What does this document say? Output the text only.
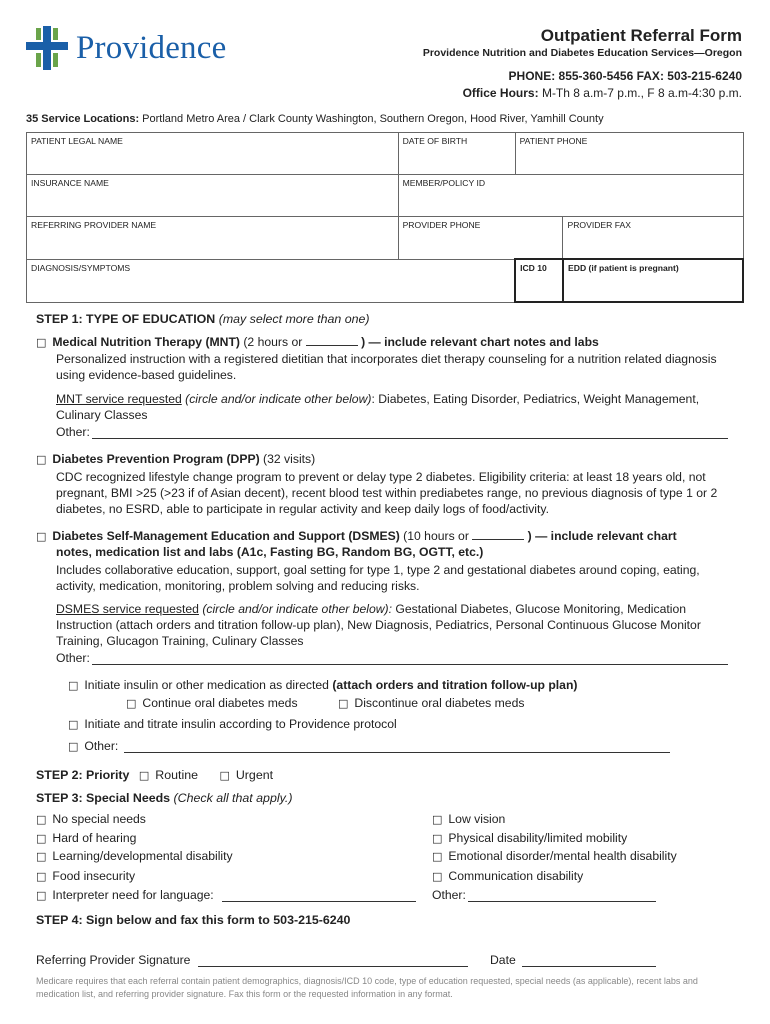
Providence	Outpatient Referral Form
Providence Nutrition and Diabetes Education Services—Oregon
PHONE: 855-360-5456 FAX: 503-215-6240
Office Hours: M-Th 8 a.m-7 p.m., F 8 a.m-4:30 p.m.
35 Service Locations: Portland Metro Area / Clark County Washington, Southern Oregon, Hood River, Yamhill County
PATIENT LEGAL NAME	DATE OF BIRTH	PATIENT PHONE	
INSURANCE NAME	MEMBER/POLICY ID		
REFERRING PROVIDER NAME	PROVIDER PHONE		PROVIDER FAX
DIAGNOSIS/SYMPTOMS		ICD 10	EDD (if patient is pregnant)
STEP 1: TYPE OF EDUCATION (may select more than one)
□ Medical Nutrition Therapy (MNT) (2 hours or	) — include relevant chart notes and labs
Personalized instruction with a registered dietitian that incorporates diet therapy counseling for a nutrition related diagnosis using evidence-based guidelines.
MNT service requested (circle and/or indicate other below): Diabetes, Eating Disorder, Pediatrics, Weight Management, Culinary Classes
Other:
□ Diabetes Prevention Program (DPP) (32 visits)
CDC recognized lifestyle change program to prevent or delay type 2 diabetes. Eligibility criteria: at least 18 years old, not pregnant, BMI >25 (>23 if of Asian decent), recent blood test within prediabetes range, no previous diagnosis of type 1 or 2 diabetes, no ESRD, able to participate in regular activity and keep daily logs of food/activity.
□ Diabetes Self-Management Education and Support (DSMES) (10 hours or	) — include relevant chart
notes, medication list and labs (A1c, Fasting BG, Random BG, OGTT, etc.)
Includes collaborative education, support, goal setting for type 1, type 2 and gestational diabetes around coping, eating, activity, medication, monitoring, problem solving and reducing risks.
DSMES service requested (circle and/or indicate other below): Gestational Diabetes, Glucose Monitoring, Medication Instruction (attach orders and titration follow-up plan), New Diagnosis, Pediatrics, Personal Continuous Glucose Monitor Training, Glucagon Training, Culinary Classes
Other:
□ Initiate insulin or other medication as directed (attach orders and titration follow-up plan)
□ Continue oral diabetes meds	□ Discontinue oral diabetes meds
□ Initiate and titrate insulin according to Providence protocol
□ Other:
STEP 2: Priority □ Routine □ Urgent
STEP 3: Special Needs (Check all that apply.)
□ No special needs
□ Hard of hearing
□ Learning/developmental disability
□ Food insecurity
□ Interpreter need for language:
□ Low vision
□ Physical disability/limited mobility
□ Emotional disorder/mental health disability
□ Communication disability
Other:
STEP 4: Sign below and fax this form to 503-215-6240
Referring Provider Signature	Date
Medicare requires that each referral contain patient demographics, diagnosis/ICD 10 code, type of education requested, special needs (as applicable), recent labs and medication list, and referring provider signature. Fax this form or the requested information in any format.
